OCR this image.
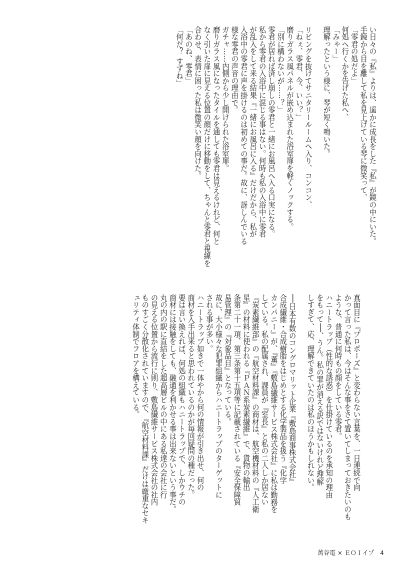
い日々の『私』よりは、遥かに成長をした『私』が鏡の中にいた。
手鏡から目を離して私を見上げている琴に微笑って、
「零君の処だよ」
何処へ行くかを告げた私へ、
「みゃー」
理解ったという様に、琴が短く鳴いた。

リビングを抜けてサニタリールームへ入り、コンコン、
「ねぇ、零君、今、いい？」
磨りガラス風パネルが嵌め込まれた浴室扉を軽くノックする。
「別に構わないが……？」
零君が居れば済し崩しの零君と一緒にお風呂へ入る口実になる。
私から零君の入浴中に混じる事はない。何時も私の入浴中に零君
が乱入をして来る結果『一緒にお風呂に入る』だけだから、私が
入浴中の零君に声を掛けるのは初めての事だ。故に、訝しんでいる
様な零君の声音の理由で。
ガチャ……内側から少し開けられた浴室扉。
磨りガラス風になったタイルを通しても零君は見えるけれど、何と
なく引いた扉に見える位置の顔だけに移動をして、ちゃんと零君と視線を
合わせ、表情に困った私は微笑い顔を向けた。
「あのね、零君」
「何だ？ すずね」
真面目に『プロポーズ』と変わらない言葉を、一日連続で向
かって言った私は、今はそんな事をさて置いてしまっておきたいのも
ような、普通に何時もの顔をしている零君。
ハニートラップ（性的な誘惑）を仕掛けているのを承知の理由
をもって──、うん。私の罪が消える訳ではないけれど理解
しすぎて、応、理解できていたのは私のほうかもしれない。

──日本有数のコングロマリット企業『敷島商事株式会社』
合成繊維・合成樹脂をはじめとする化学製品を扱う『化学
カンパニー』が、『薫』『敷島繊維サービス株式会社』に私は勤務を
している。私の配属され、課員が『室長』と私の二人しか居ない
『炭素繊維部』の『航空材料課』の商材は、航空機材料の『人工衛
星』の材料に使われる『ＰＡＮ系炭素繊維』で、貨物の輸出
条第二十一項、第三条第十五項等に記載されている『安全保障貿
易管理』の『対象品目』となっている。
故に、大小様々な犯罪組織からハニートラップのターゲットに
される事が多い。
ハニートラップ如きで一体やから何の情報が引き出せ、何の
商材を入手出来ると思われているのかが毎回疑問の種だった。
要は言い換えれば、何処の組織もハニートラップで、しかウチの
商材には接触をしても、融通を利かせる事は出来ないという事だ。
丸の内の駅に直結をした超高層ビルの中にある私達の会社に行
の見える位置から流行に則り、敷島繊維サービス株式会社の社内
ものすごく分散化されていますので、『航空材料課』だけは厳重なセキ
ュリティ体制でフロアを構えている。
萬谷電 × ＥＯＩイプ　4
